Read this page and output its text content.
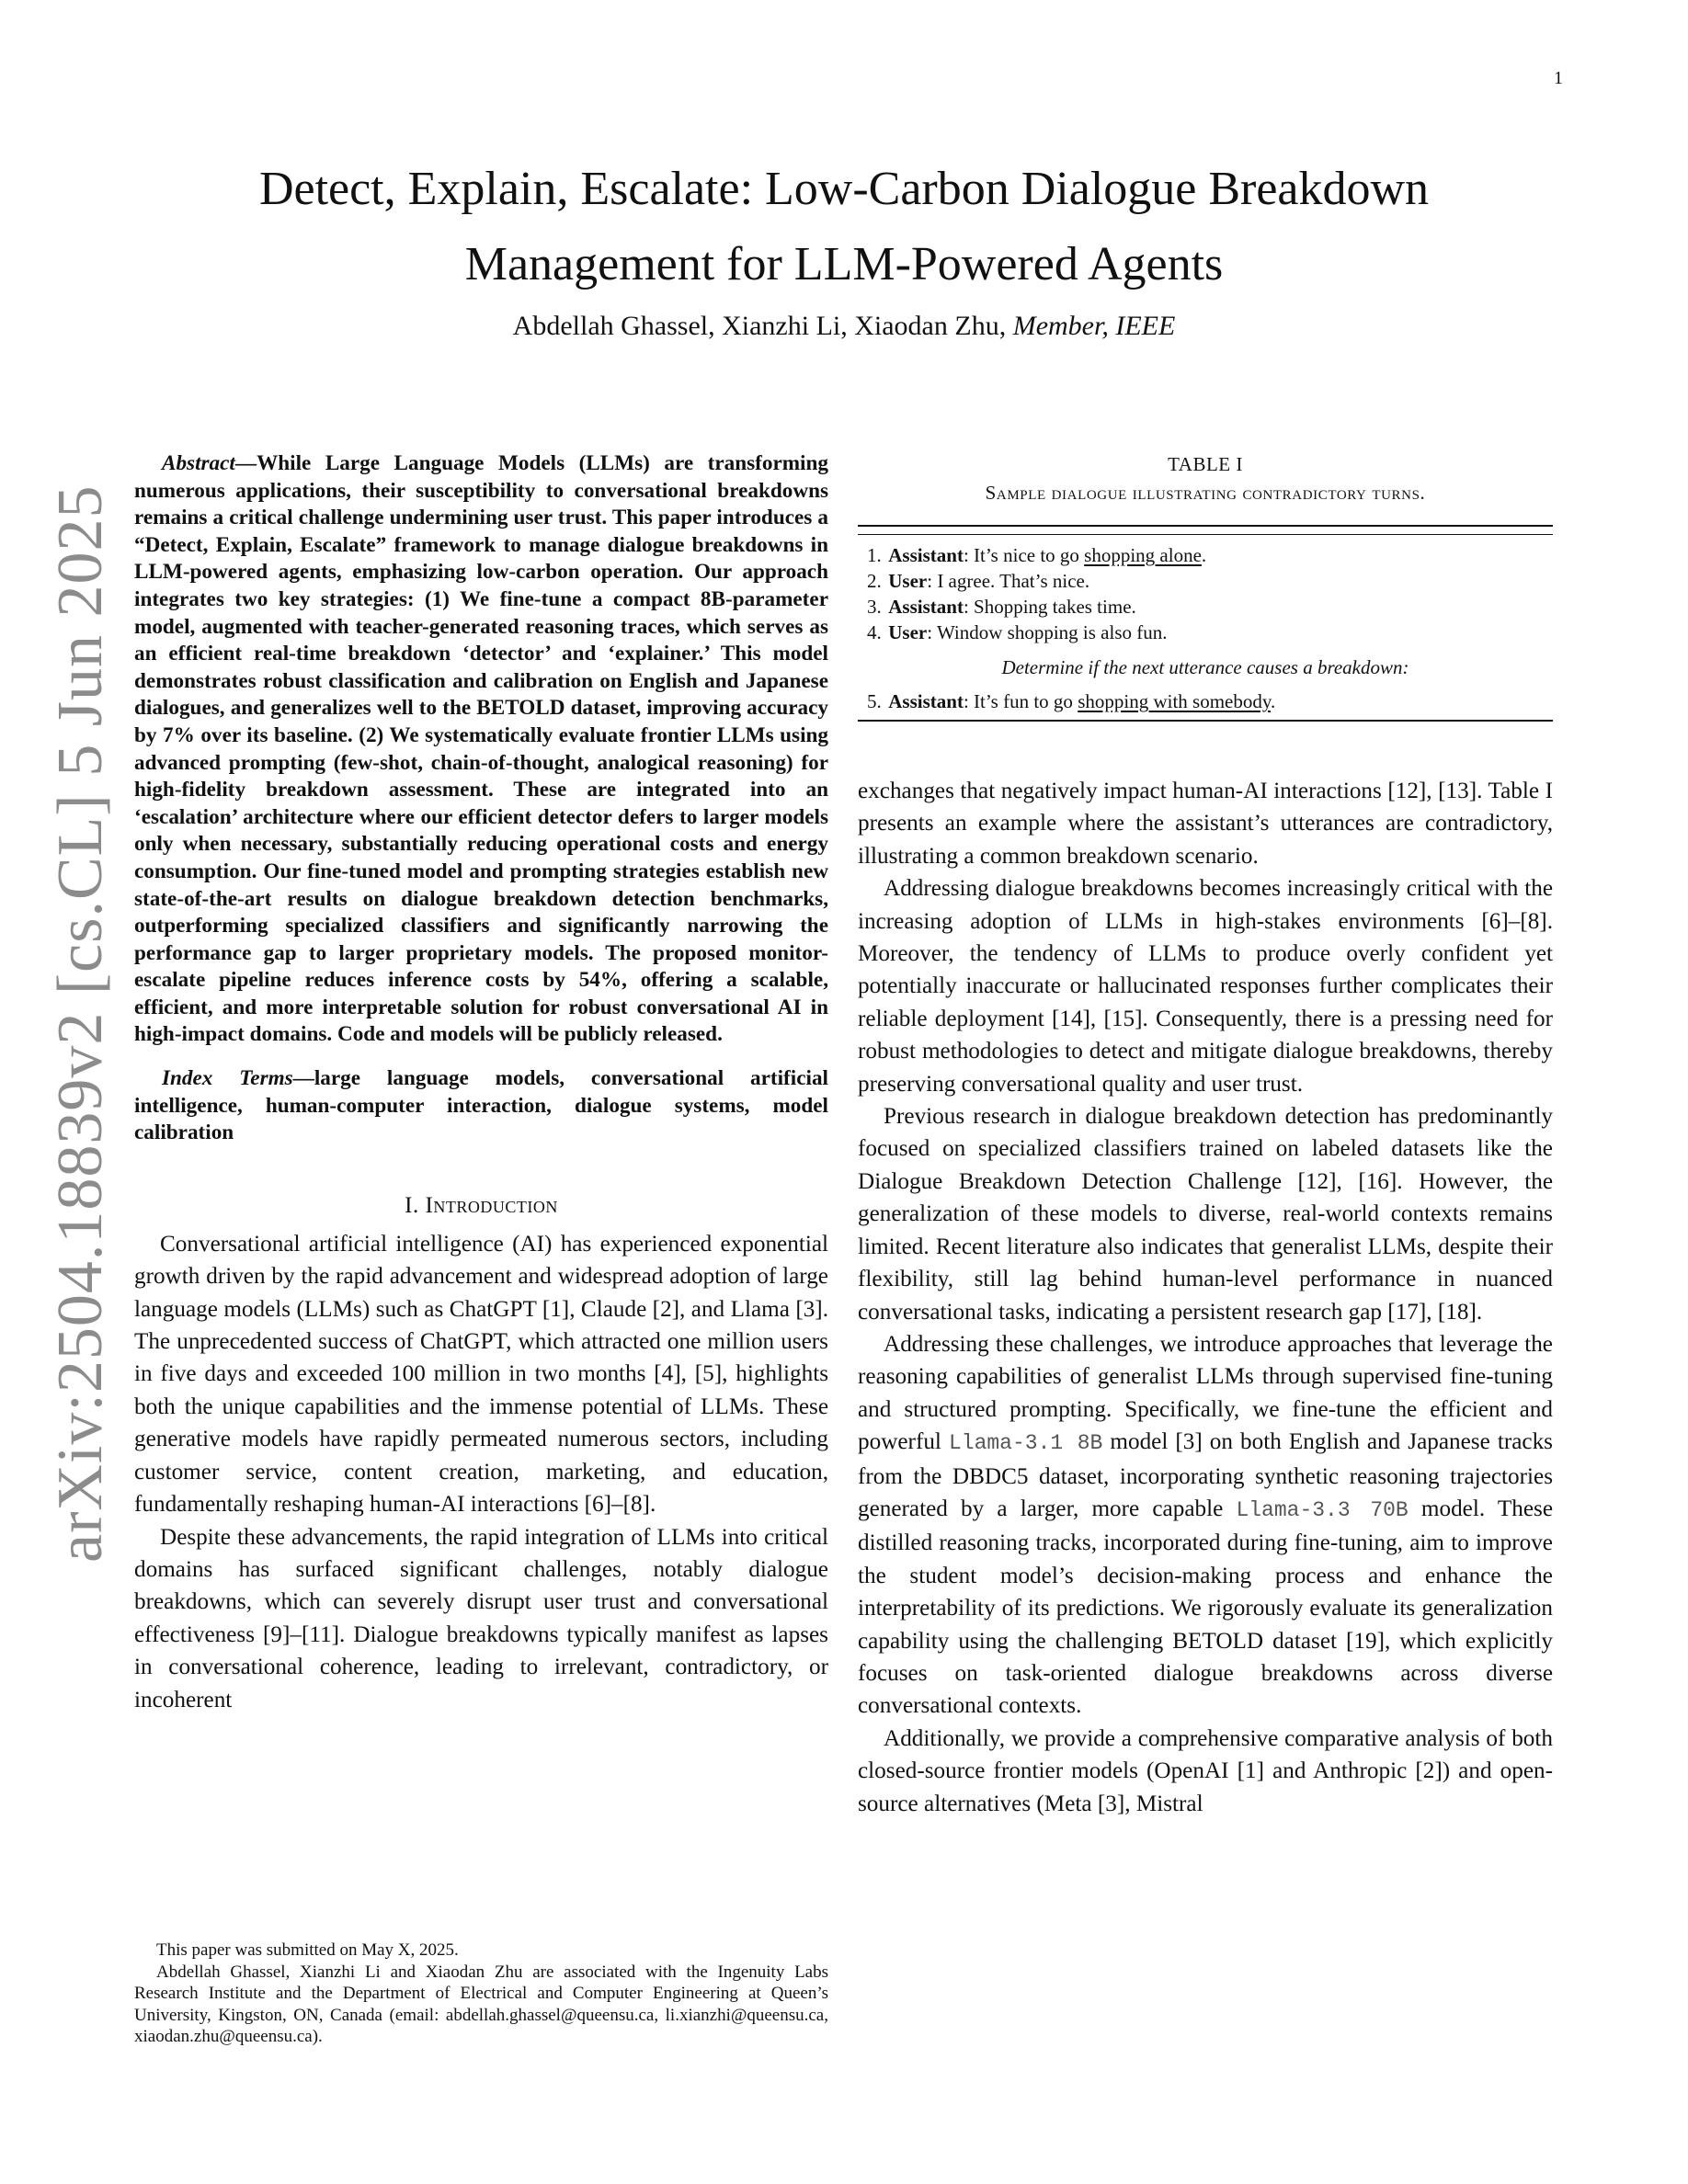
1
arXiv:2504.18839v2 [cs.CL] 5 Jun 2025
Detect, Explain, Escalate: Low-Carbon Dialogue Breakdown
Management for LLM-Powered Agents
Abdellah Ghassel, Xianzhi Li, Xiaodan Zhu, Member, IEEE

Abstract—While Large Language Models (LLMs) are transforming numerous applications, their susceptibility to conversational breakdowns remains a critical challenge undermining user trust. This paper introduces a “Detect, Explain, Escalate” framework to manage dialogue breakdowns in LLM-powered agents, emphasizing low-carbon operation. Our approach integrates two key strategies: (1) We fine-tune a compact 8B-parameter model, augmented with teacher-generated reasoning traces, which serves as an efficient real-time breakdown ‘detector’ and ‘explainer.’ This model demonstrates robust classification and calibration on English and Japanese dialogues, and generalizes well to the BETOLD dataset, improving accuracy by 7% over its baseline. (2) We systematically evaluate frontier LLMs using advanced prompting (few-shot, chain-of-thought, analogical reasoning) for high-fidelity breakdown assessment. These are integrated into an ‘escalation’ architecture where our efficient detector defers to larger models only when necessary, substantially reducing operational costs and energy consumption. Our fine-tuned model and prompting strategies establish new state-of-the-art results on dialogue breakdown detection benchmarks, outperforming specialized classifiers and significantly narrowing the performance gap to larger proprietary models. The proposed monitor-escalate pipeline reduces inference costs by 54%, offering a scalable, efficient, and more interpretable solution for robust conversational AI in high-impact domains. Code and models will be publicly released.

Index Terms—large language models, conversational artificial intelligence, human-computer interaction, dialogue systems, model calibration

I. Introduction

Conversational artificial intelligence (AI) has experienced exponential growth driven by the rapid advancement and widespread adoption of large language models (LLMs) such as ChatGPT [1], Claude [2], and Llama [3]. The unprecedented success of ChatGPT, which attracted one million users in five days and exceeded 100 million in two months [4], [5], highlights both the unique capabilities and the immense potential of LLMs. These generative models have rapidly permeated numerous sectors, including customer service, content creation, marketing, and education, fundamentally reshaping human-AI interactions [6]–[8].

Despite these advancements, the rapid integration of LLMs into critical domains has surfaced significant challenges, notably dialogue breakdowns, which can severely disrupt user trust and conversational effectiveness [9]–[11]. Dialogue breakdowns typically manifest as lapses in conversational coherence, leading to irrelevant, contradictory, or incoherent

This paper was submitted on May X, 2025.

Abdellah Ghassel, Xianzhi Li and Xiaodan Zhu are associated with the Ingenuity Labs Research Institute and the Department of Electrical and Computer Engineering at Queen’s University, Kingston, ON, Canada (email: abdellah.ghassel@queensu.ca, li.xianzhi@queensu.ca, xiaodan.zhu@queensu.ca).

TABLE I
Sample dialogue illustrating contradictory turns.
1. Assistant: It’s nice to go shopping alone.
2. User: I agree. That’s nice.
3. Assistant: Shopping takes time.
4. User: Window shopping is also fun.
Determine if the next utterance causes a breakdown:
5. Assistant: It’s fun to go shopping with somebody.

exchanges that negatively impact human-AI interactions [12], [13]. Table I presents an example where the assistant’s utterances are contradictory, illustrating a common breakdown scenario.

Addressing dialogue breakdowns becomes increasingly critical with the increasing adoption of LLMs in high-stakes environments [6]–[8]. Moreover, the tendency of LLMs to produce overly confident yet potentially inaccurate or hallucinated responses further complicates their reliable deployment [14], [15]. Consequently, there is a pressing need for robust methodologies to detect and mitigate dialogue breakdowns, thereby preserving conversational quality and user trust.

Previous research in dialogue breakdown detection has predominantly focused on specialized classifiers trained on labeled datasets like the Dialogue Breakdown Detection Challenge [12], [16]. However, the generalization of these models to diverse, real-world contexts remains limited. Recent literature also indicates that generalist LLMs, despite their flexibility, still lag behind human-level performance in nuanced conversational tasks, indicating a persistent research gap [17], [18].

Addressing these challenges, we introduce approaches that leverage the reasoning capabilities of generalist LLMs through supervised fine-tuning and structured prompting. Specifically, we fine-tune the efficient and powerful Llama-3.1 8B model [3] on both English and Japanese tracks from the DBDC5 dataset, incorporating synthetic reasoning trajectories generated by a larger, more capable Llama-3.3 70B model. These distilled reasoning tracks, incorporated during fine-tuning, aim to improve the student model’s decision-making process and enhance the interpretability of its predictions. We rigorously evaluate its generalization capability using the challenging BETOLD dataset [19], which explicitly focuses on task-oriented dialogue breakdowns across diverse conversational contexts.

Additionally, we provide a comprehensive comparative analysis of both closed-source frontier models (OpenAI [1] and Anthropic [2]) and open-source alternatives (Meta [3], Mistral
